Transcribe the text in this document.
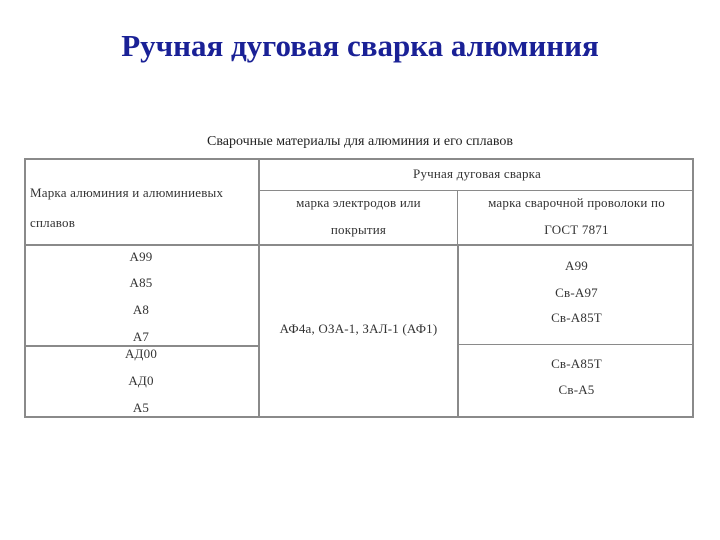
Ручная дуговая сварка алюминия
Сварочные материалы для алюминия и его сплавов
Марка алюминия и алюминиевых сплавов
Ручная дуговая сварка
марка электродов или
покрытия
марка сварочной проволоки по
ГОСТ 7871
А99
А85
А8
А7
АД00
АД0
А5
АФ4а, ОЗА-1, ЗАЛ-1 (АФ1)
А99
Св-А97
Св-А85Т
Св-А85Т
Св-А5
